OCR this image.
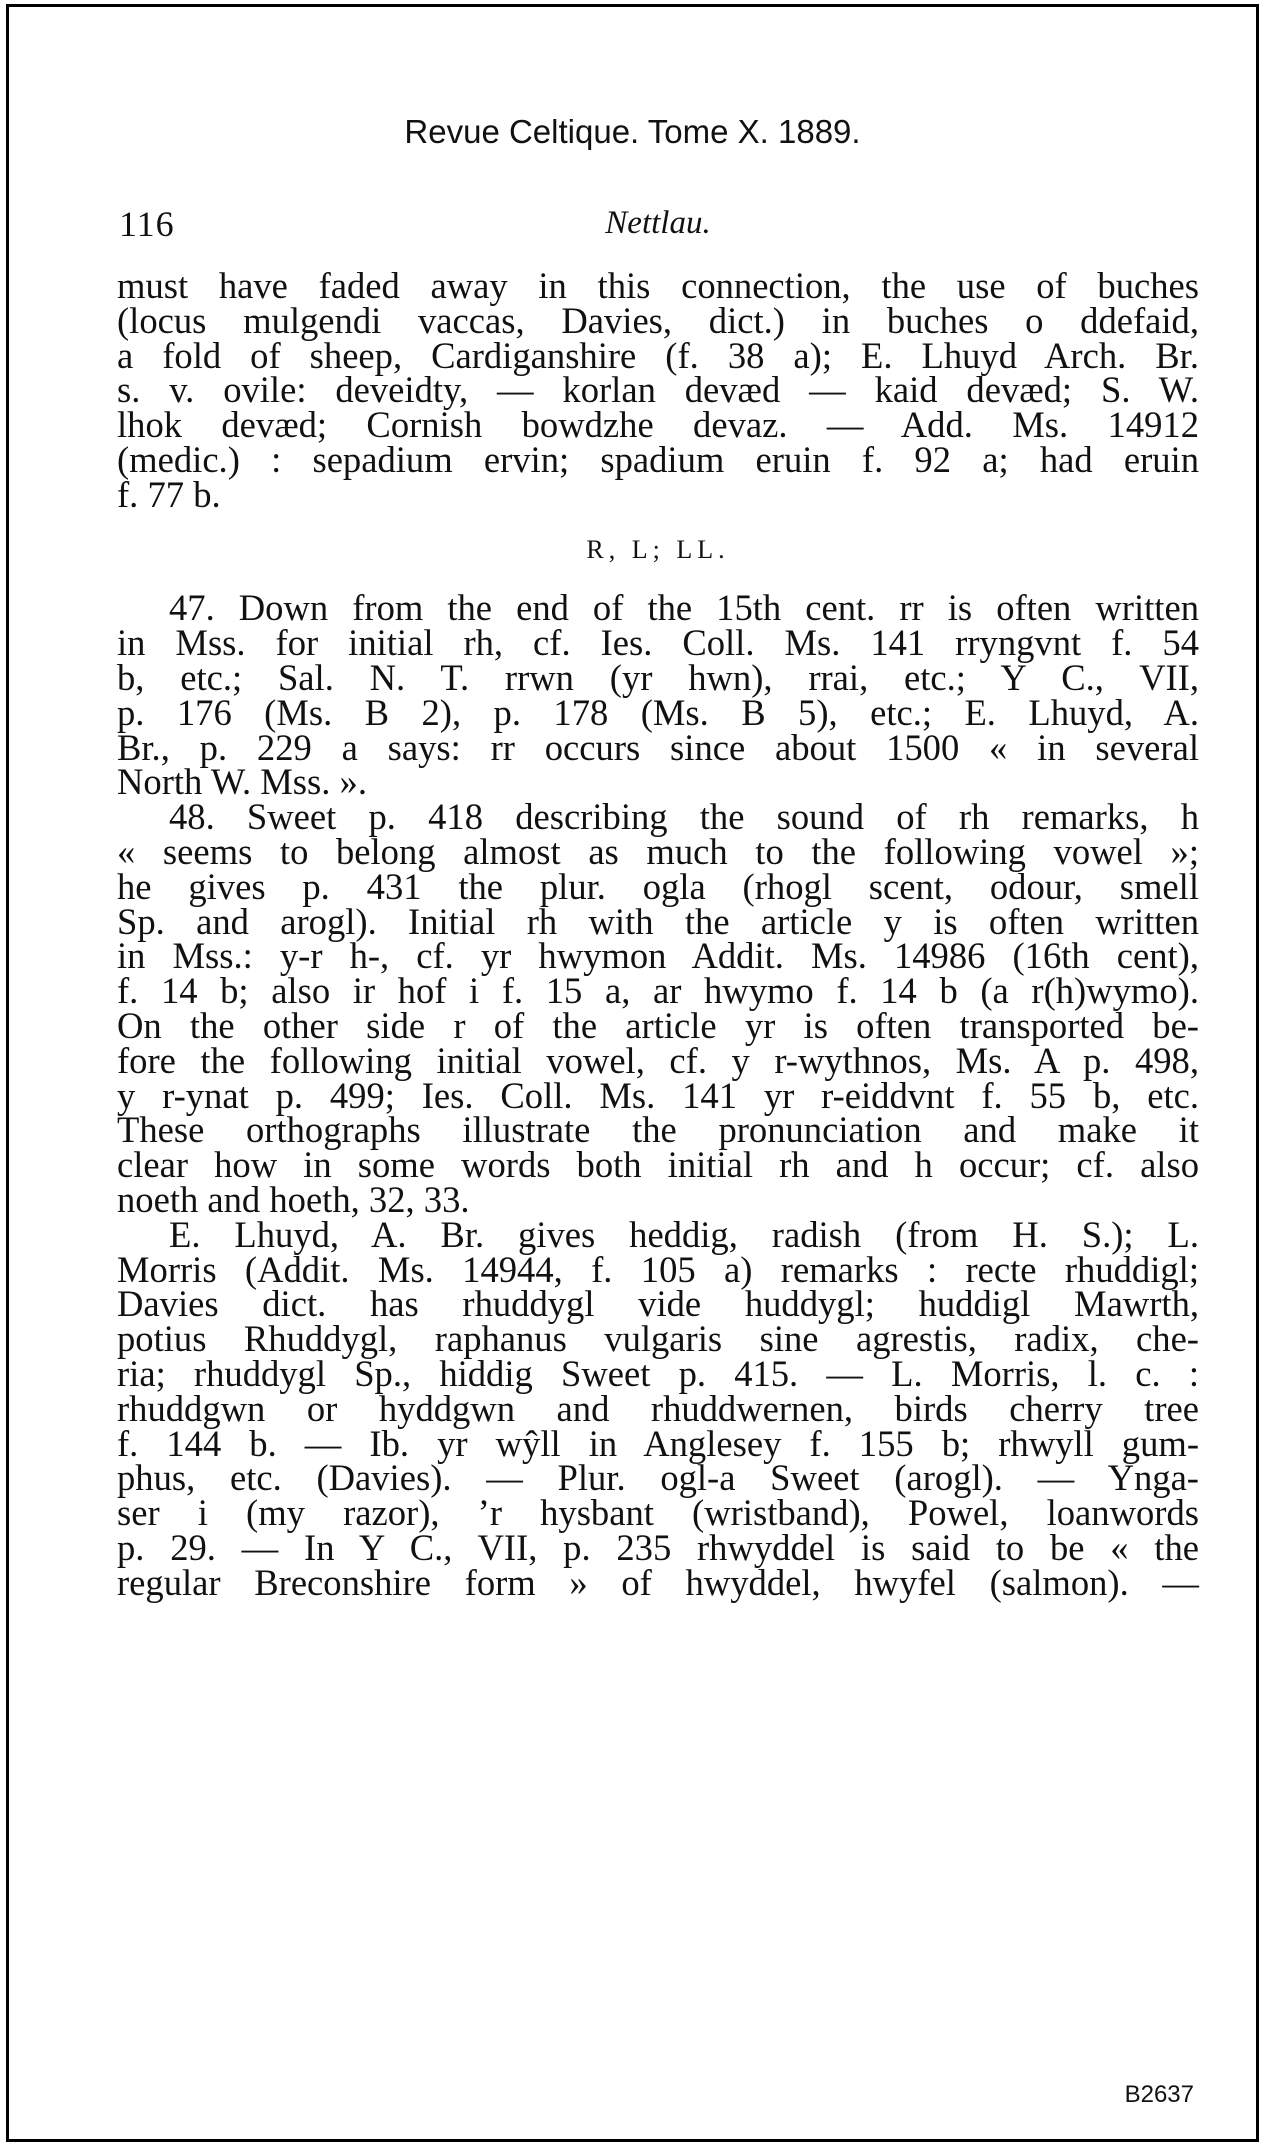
Revue Celtique. Tome X. 1889.
116	Nettlau.

must have faded away in this connection, the use of buches

(locus mulgendi vaccas, Davies, dict.) in buches o ddefaid,

a fold of sheep, Cardiganshire (f. 38 a); E. Lhuyd Arch. Br.

s. v. ovile: deveidty, — korlan devæd — kaid devæd; S. W.

lhok devæd; Cornish bowdzhe devaz. — Add. Ms. 14912

(medic.) : sepadium ervin; spadium eruin f. 92 a; had eruin

f. 77 b.

R, L; LL.

47. Down from the end of the 15th cent. rr is often written

in Mss. for initial rh, cf. Ies. Coll. Ms. 141 rryngvnt f. 54

b, etc.; Sal. N. T. rrwn (yr hwn), rrai, etc.; Y C., VII,

p. 176 (Ms. B 2), p. 178 (Ms. B 5), etc.; E. Lhuyd, A.

Br., p. 229 a says: rr occurs since about 1500 « in several

North W. Mss. ».

48. Sweet p. 418 describing the sound of rh remarks, h

« seems to belong almost as much to the following vowel »;

he gives p. 431 the plur. ogla (rhogl scent, odour, smell

Sp. and arogl). Initial rh with the article y is often written

in Mss.: y-r h-, cf. yr hwymon Addit. Ms. 14986 (16th cent),

f. 14 b; also ir hof i f. 15 a, ar hwymo f. 14 b (a r(h)wymo).

On the other side r of the article yr is often transported be-

fore the following initial vowel, cf. y r-wythnos, Ms. A p. 498,

y r-ynat p. 499; Ies. Coll. Ms. 141 yr r-eiddvnt f. 55 b, etc.

These orthographs illustrate the pronunciation and make it

clear how in some words both initial rh and h occur; cf. also

noeth and hoeth, 32, 33.

E. Lhuyd, A. Br. gives heddig, radish (from H. S.); L.

Morris (Addit. Ms. 14944, f. 105 a) remarks : recte rhuddigl;

Davies dict. has rhuddygl vide huddygl; huddigl Mawrth,

potius Rhuddygl, raphanus vulgaris sine agrestis, radix, che-

ria; rhuddygl Sp., hiddig Sweet p. 415. — L. Morris, l. c. :

rhuddgwn or hyddgwn and rhuddwernen, birds cherry tree

f. 144 b. — Ib. yr wŷll in Anglesey f. 155 b; rhwyll gum-

phus, etc. (Davies). — Plur. ogl-a Sweet (arogl). — Yngа-

ser i (my razor), ’r hysbant (wristband), Powel, loanwords

p. 29. — In Y C., VII, p. 235 rhwyddel is said to be « the

regular Breconshire form » of hwyddel, hwyfel (salmon). —

B2637
